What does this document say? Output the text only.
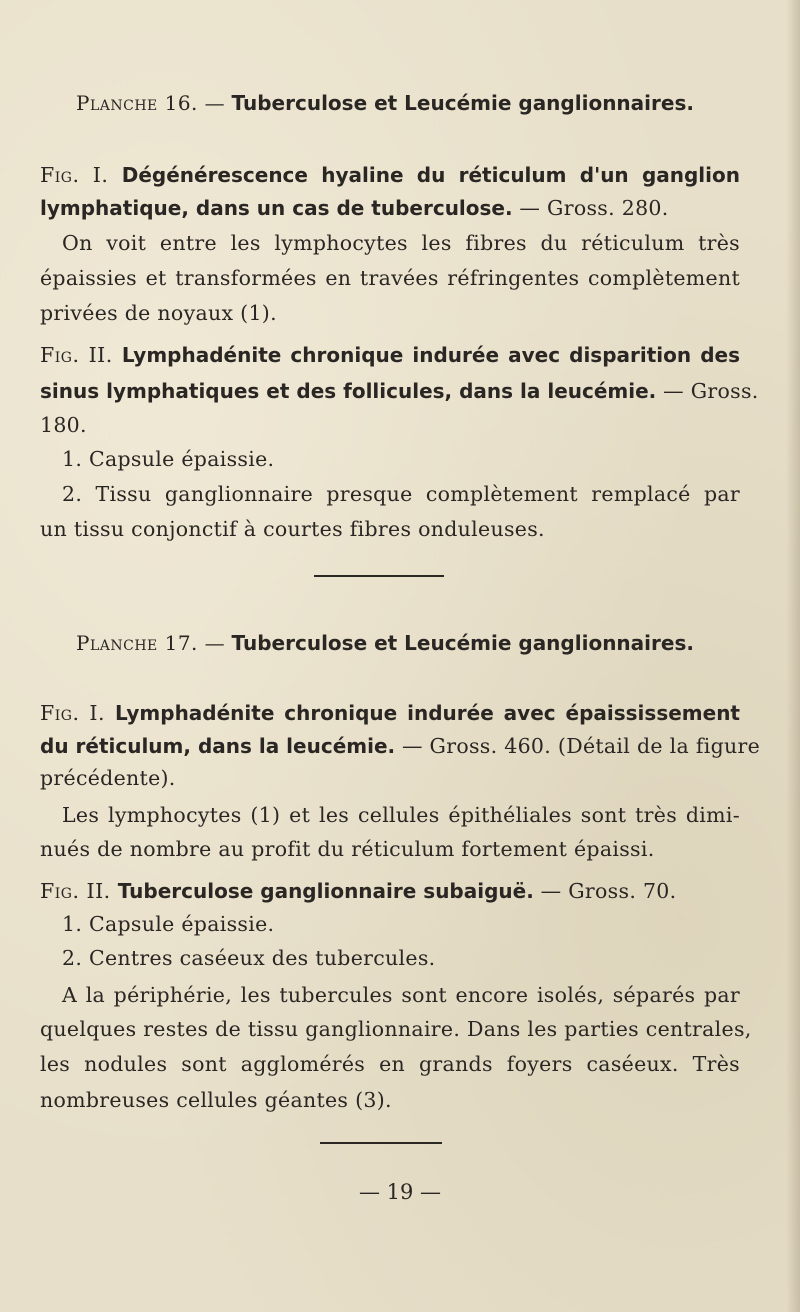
Planche 16. — Tuberculose et Leucémie ganglionnaires.
Fig. I. Dégénérescence hyaline du réticulum d'un ganglion
lymphatique, dans un cas de tuberculose. — Gross. 280.
On voit entre les lymphocytes les fibres du réticulum très
épaissies et transformées en travées réfringentes complètement
privées de noyaux (1).
Fig. II. Lymphadénite chronique indurée avec disparition des
sinus lymphatiques et des follicules, dans la leucémie. — Gross.
180.
1. Capsule épaissie.
2. Tissu ganglionnaire presque complètement remplacé par
un tissu conjonctif à courtes fibres onduleuses.
Planche 17. — Tuberculose et Leucémie ganglionnaires.
Fig. I. Lymphadénite chronique indurée avec épaississement
du réticulum, dans la leucémie. — Gross. 460. (Détail de la figure
précédente).
Les lymphocytes (1) et les cellules épithéliales sont très dimi-
nués de nombre au profit du réticulum fortement épaissi.
Fig. II. Tuberculose ganglionnaire subaiguë. — Gross. 70.
1. Capsule épaissie.
2. Centres caséeux des tubercules.
A la périphérie, les tubercules sont encore isolés, séparés par
quelques restes de tissu ganglionnaire. Dans les parties centrales,
les nodules sont agglomérés en grands foyers caséeux. Très
nombreuses cellules géantes (3).
— 19 —
